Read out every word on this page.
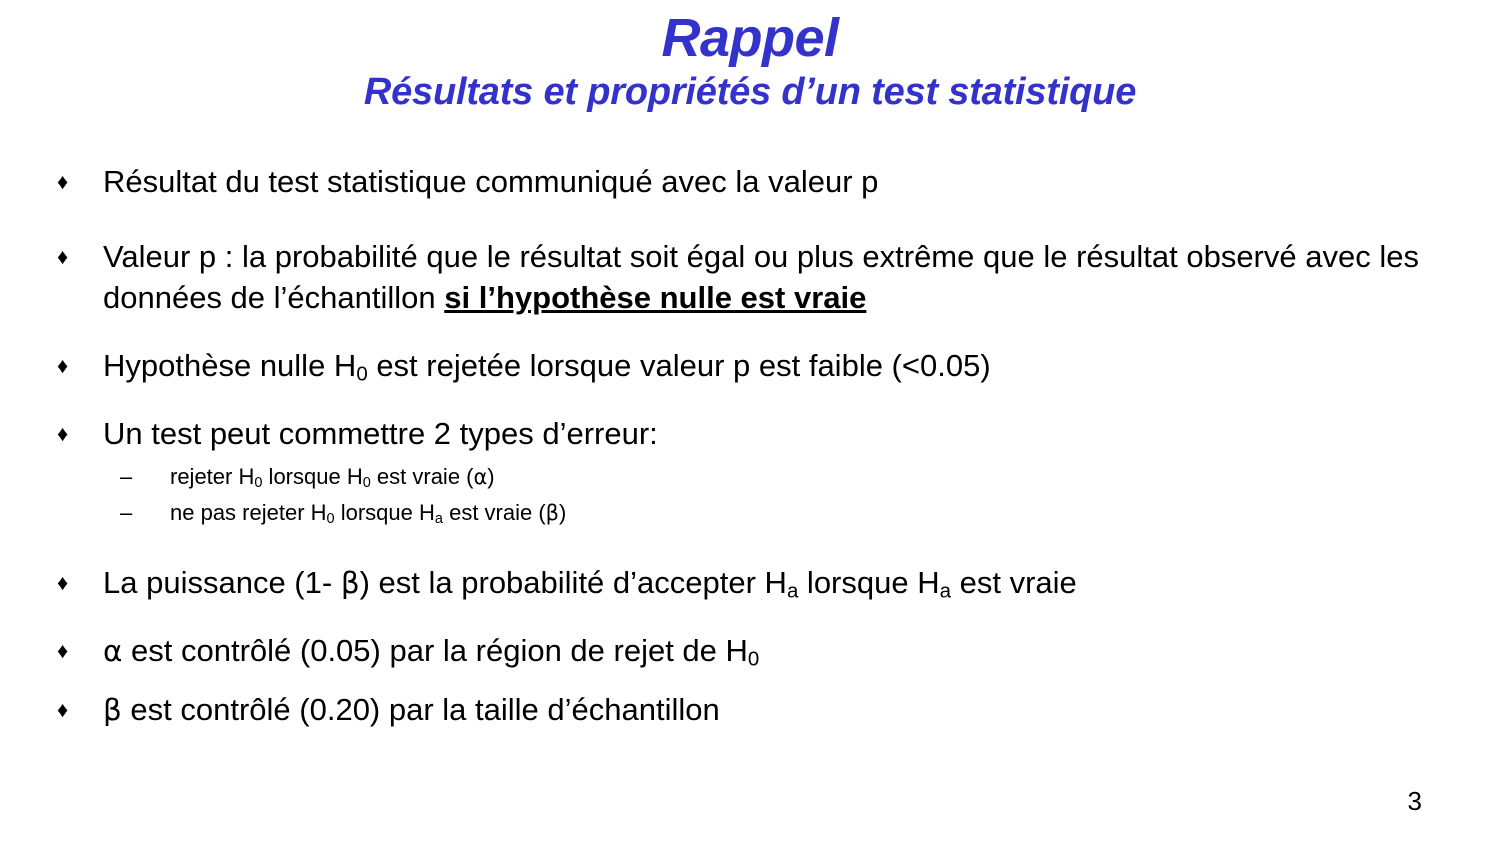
Rappel
Résultats et propriétés d’un test statistique
♦ Résultat du test statistique communiqué avec la valeur p
♦ Valeur p : la probabilité que le résultat soit égal ou plus extrême que le résultat observé avec les données de l’échantillon si l’hypothèse nulle est vraie
♦ Hypothèse nulle $H_0$ est rejetée lorsque valeur p est faible (<0.05)
♦ Un test peut commettre 2 types d’erreur:
– rejeter $H_0$ lorsque $H_0$ est vraie (α)
– ne pas rejeter $H_0$ lorsque $H_a$ est vraie (β)
♦ La puissance (1- β) est la probabilité d’accepter $H_a$ lorsque $H_a$ est vraie
♦ α est contrôlé (0.05) par la région de rejet de $H_0$
♦ β est contrôlé (0.20) par la taille d’échantillon
3
